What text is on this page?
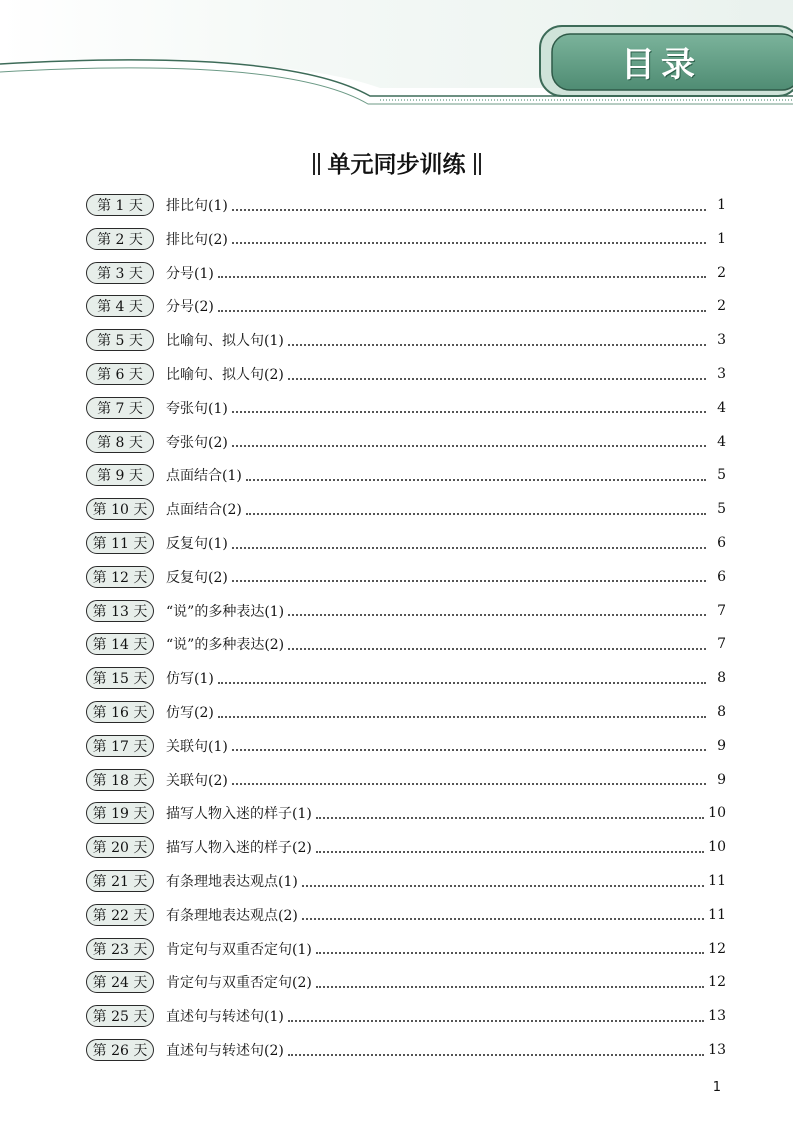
目录
单元同步训练
第 1 天	排比句(1)	1
第 2 天	排比句(2)	1
第 3 天	分号(1)	2
第 4 天	分号(2)	2
第 5 天	比喻句、拟人句(1)	3
第 6 天	比喻句、拟人句(2)	3
第 7 天	夸张句(1)	4
第 8 天	夸张句(2)	4
第 9 天	点面结合(1)	5
第 10 天	点面结合(2)	5
第 11 天	反复句(1)	6
第 12 天	反复句(2)	6
第 13 天	“说”的多种表达(1)	7
第 14 天	“说”的多种表达(2)	7
第 15 天	仿写(1)	8
第 16 天	仿写(2)	8
第 17 天	关联句(1)	9
第 18 天	关联句(2)	9
第 19 天	描写人物入迷的样子(1)	10
第 20 天	描写人物入迷的样子(2)	10
第 21 天	有条理地表达观点(1)	11
第 22 天	有条理地表达观点(2)	11
第 23 天	肯定句与双重否定句(1)	12
第 24 天	肯定句与双重否定句(2)	12
第 25 天	直述句与转述句(1)	13
第 26 天	直述句与转述句(2)	13
1
